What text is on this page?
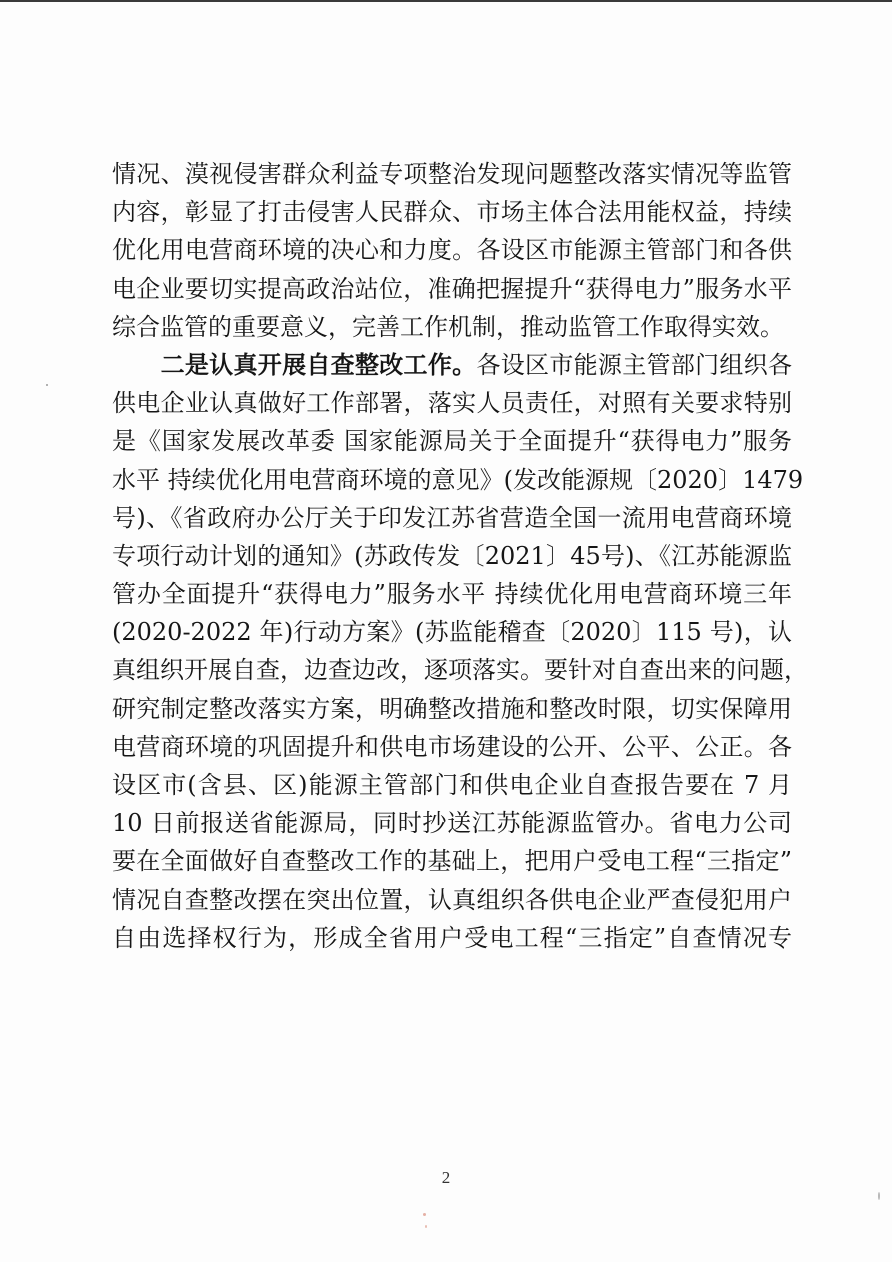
情况、漠视侵害群众利益专项整治发现问题整改落实情况等监管
内容，彰显了打击侵害人民群众、市场主体合法用能权益，持续
优化用电营商环境的决心和力度。各设区市能源主管部门和各供
电企业要切实提高政治站位，准确把握提升“获得电力”服务水平
综合监管的重要意义，完善工作机制，推动监管工作取得实效。
　　二是认真开展自查整改工作。各设区市能源主管部门组织各
供电企业认真做好工作部署，落实人员责任，对照有关要求特别
是《国家发展改革委 国家能源局关于全面提升“获得电力”服务
水平 持续优化用电营商环境的意见》(发改能源规〔2020〕1479
号)、《省政府办公厅关于印发江苏省营造全国一流用电营商环境
专项行动计划的通知》(苏政传发〔2021〕45号)、《江苏能源监
管办全面提升“获得电力”服务水平 持续优化用电营商环境三年
(2020-2022 年)行动方案》(苏监能稽查〔2020〕115 号)，认
真组织开展自查，边查边改，逐项落实。要针对自查出来的问题，
研究制定整改落实方案，明确整改措施和整改时限，切实保障用
电营商环境的巩固提升和供电市场建设的公开、公平、公正。各
设区市(含县、区)能源主管部门和供电企业自查报告要在 7 月
10 日前报送省能源局，同时抄送江苏能源监管办。省电力公司
要在全面做好自查整改工作的基础上，把用户受电工程“三指定”
情况自查整改摆在突出位置，认真组织各供电企业严查侵犯用户
自由选择权行为，形成全省用户受电工程“三指定”自查情况专
2
